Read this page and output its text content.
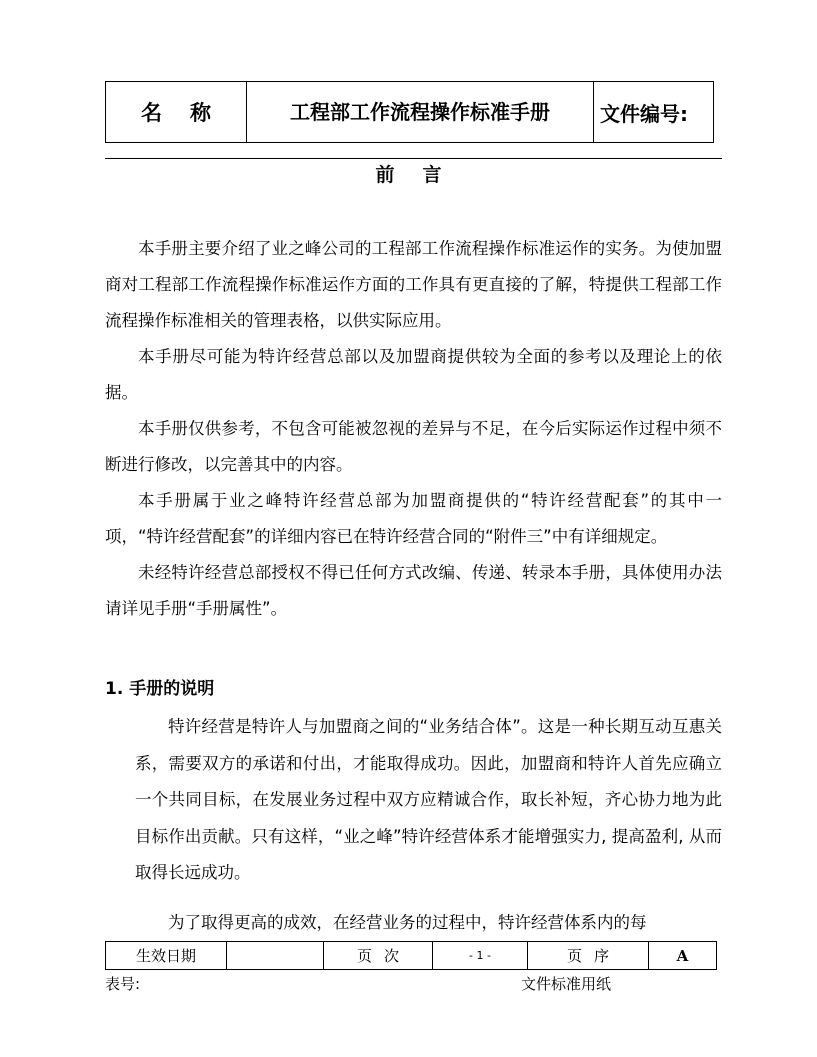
名称	工程部工作流程操作标准手册	文件编号:
前言

本手册主要介绍了业之峰公司的工程部工作流程操作标准运作的实务。为使加盟商对工程部工作流程操作标准运作方面的工作具有更直接的了解，特提供工程部工作流程操作标准相关的管理表格，以供实际应用。

本手册尽可能为特许经营总部以及加盟商提供较为全面的参考以及理论上的依据。

本手册仅供参考，不包含可能被忽视的差异与不足，在今后实际运作过程中须不断进行修改，以完善其中的内容。

本手册属于业之峰特许经营总部为加盟商提供的“特许经营配套”的其中一项，“特许经营配套”的详细内容已在特许经营合同的“附件三”中有详细规定。

未经特许经营总部授权不得已任何方式改编、传递、转录本手册，具体使用办法请详见手册“手册属性”。

1. 手册的说明

特许经营是特许人与加盟商之间的“业务结合体”。这是一种长期互动互惠关系，需要双方的承诺和付出，才能取得成功。因此，加盟商和特许人首先应确立一个共同目标，在发展业务过程中双方应精诚合作，取长补短，齐心协力地为此目标作出贡献。只有这样，“业之峰”特许经营体系才能增强实力, 提高盈利, 从而取得长远成功。

为了取得更高的成效，在经营业务的过程中，特许经营体系内的每

生效日期		页次	- 1 -	页序	A
表号:	文件标准用纸
